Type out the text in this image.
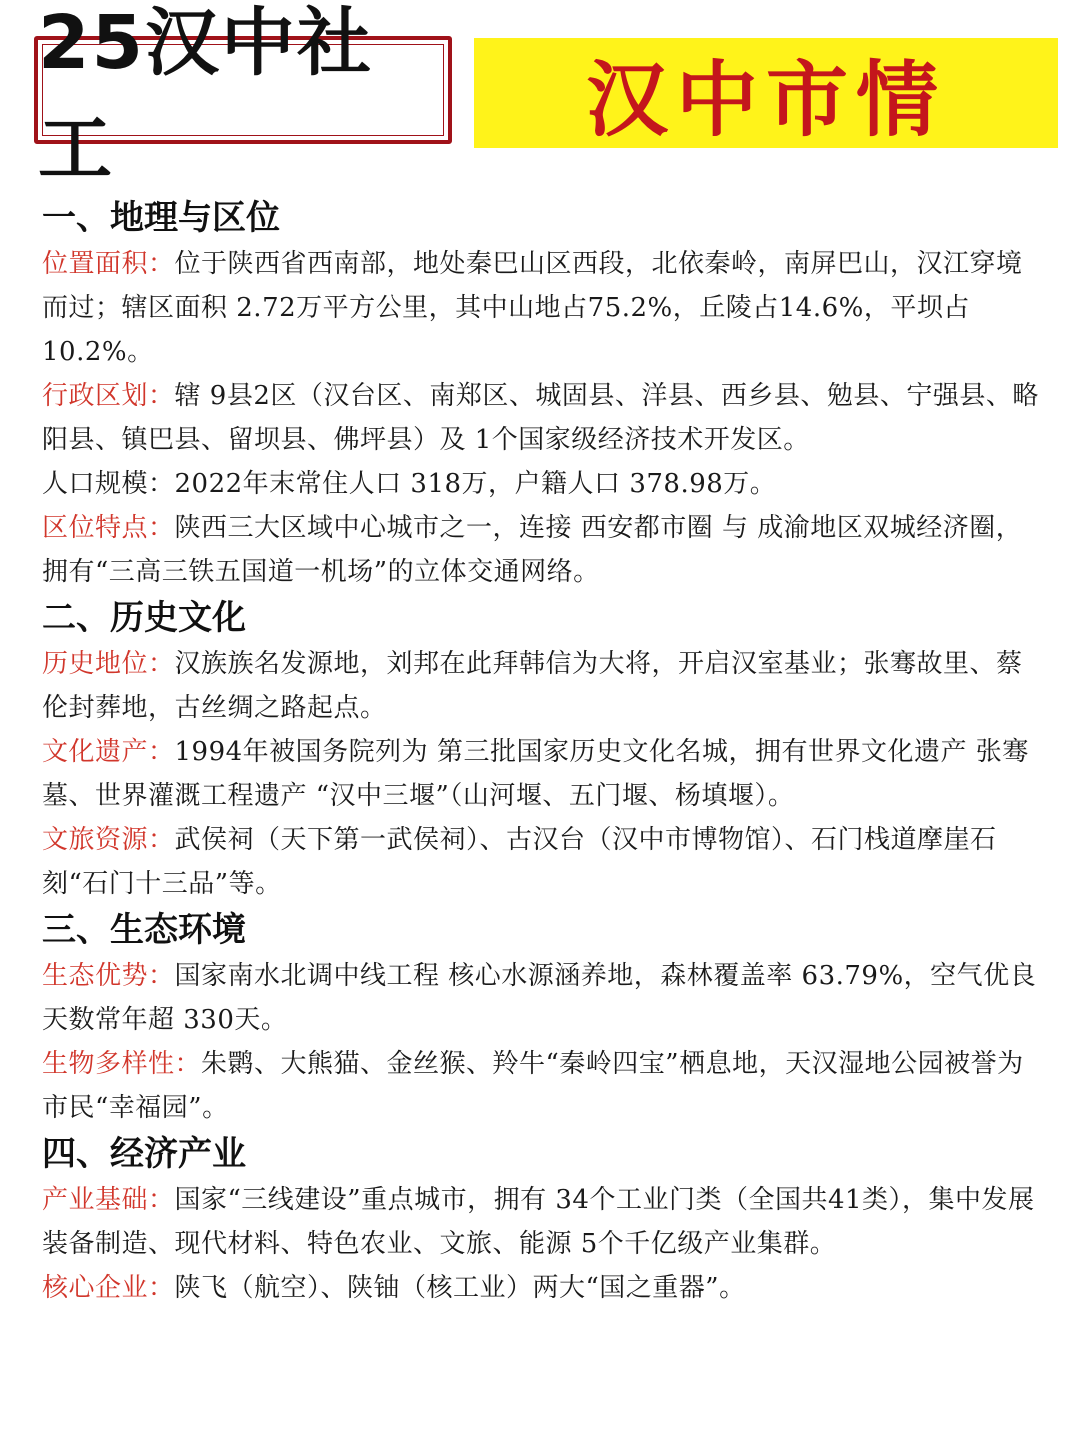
25汉中社工
汉中市情
一、地理与区位

位置面积：位于陕西省西南部，地处秦巴山区西段，北依秦岭，南屏巴山，汉江穿境而过；辖区面积 2.72万平方公里，其中山地占75.2%，丘陵占14.6%，平坝占10.2%。

行政区划：辖 9县2区（汉台区、南郑区、城固县、洋县、西乡县、勉县、宁强县、略阳县、镇巴县、留坝县、佛坪县）及 1个国家级经济技术开发区。

人口规模：2022年末常住人口 318万，户籍人口 378.98万。

区位特点：陕西三大区域中心城市之一，连接 西安都市圈 与 成渝地区双城经济圈，拥有“三高三铁五国道一机场”的立体交通网络。

二、历史文化

历史地位：汉族族名发源地，刘邦在此拜韩信为大将，开启汉室基业；张骞故里、蔡伦封葬地，古丝绸之路起点。

文化遗产：1994年被国务院列为 第三批国家历史文化名城，拥有世界文化遗产 张骞墓、世界灌溉工程遗产 “汉中三堰”（山河堰、五门堰、杨填堰）。

文旅资源：武侯祠（天下第一武侯祠）、古汉台（汉中市博物馆）、石门栈道摩崖石刻“石门十三品”等。

三、生态环境

生态优势：国家南水北调中线工程 核心水源涵养地，森林覆盖率 63.79%，空气优良天数常年超 330天。

生物多样性：朱鹮、大熊猫、金丝猴、羚牛“秦岭四宝”栖息地，天汉湿地公园被誉为市民“幸福园”。

四、经济产业

产业基础：国家“三线建设”重点城市，拥有 34个工业门类（全国共41类），集中发展 装备制造、现代材料、特色农业、文旅、能源 5个千亿级产业集群。

核心企业：陕飞（航空）、陕铀（核工业）两大“国之重器”。
